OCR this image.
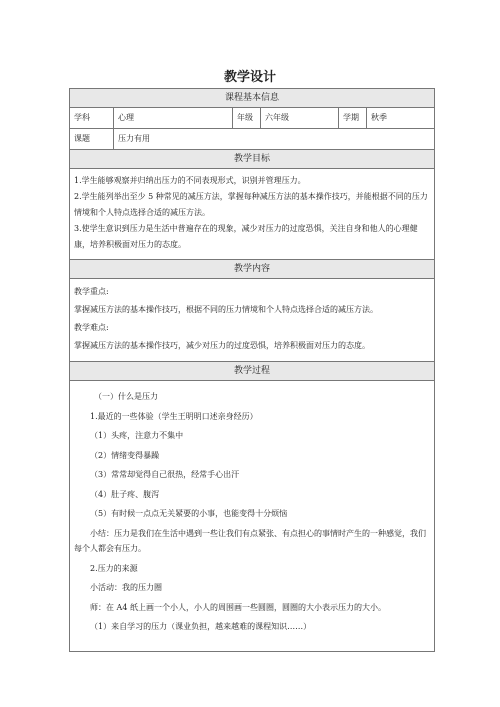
教学设计
课程基本信息
学科	心理	年级	六年级	学期	秋季
课题	压力有用
教学目标

1.学生能够观察并归纳出压力的不同表现形式，识别并管理压力。

2.学生能列举出至少 5 种常见的减压方法，掌握每种减压方法的基本操作技巧，并能根据不同的压力情境和个人特点选择合适的减压方法。

3.使学生意识到压力是生活中普遍存在的现象，减少对压力的过度恐惧，关注自身和他人的心理健康，培养积极面对压力的态度。

教学内容

教学重点:

掌握减压方法的基本操作技巧，根据不同的压力情境和个人特点选择合适的减压方法。

教学难点:

掌握减压方法的基本操作技巧，减少对压力的过度恐惧，培养积极面对压力的态度。

教学过程

（一）什么是压力

1.最近的一些体验（学生王明明口述亲身经历）

（1）头疼，注意力不集中

（2）情绪变得暴躁

（3）常常却觉得自己很热，经常手心出汗

（4）肚子疼、腹泻

（5）有时候一点点无关紧要的小事，也能变得十分烦恼

小结：压力是我们在生活中遇到一些让我们有点紧张、有点担心的事情时产生的一种感觉，我们每个人都会有压力。

2.压力的来源

小活动：我的压力圈

师：在 A4 纸上画一个小人，小人的周围画一些圆圈，圆圈的大小表示压力的大小。

（1）来自学习的压力（课业负担，越来越难的课程知识……）
